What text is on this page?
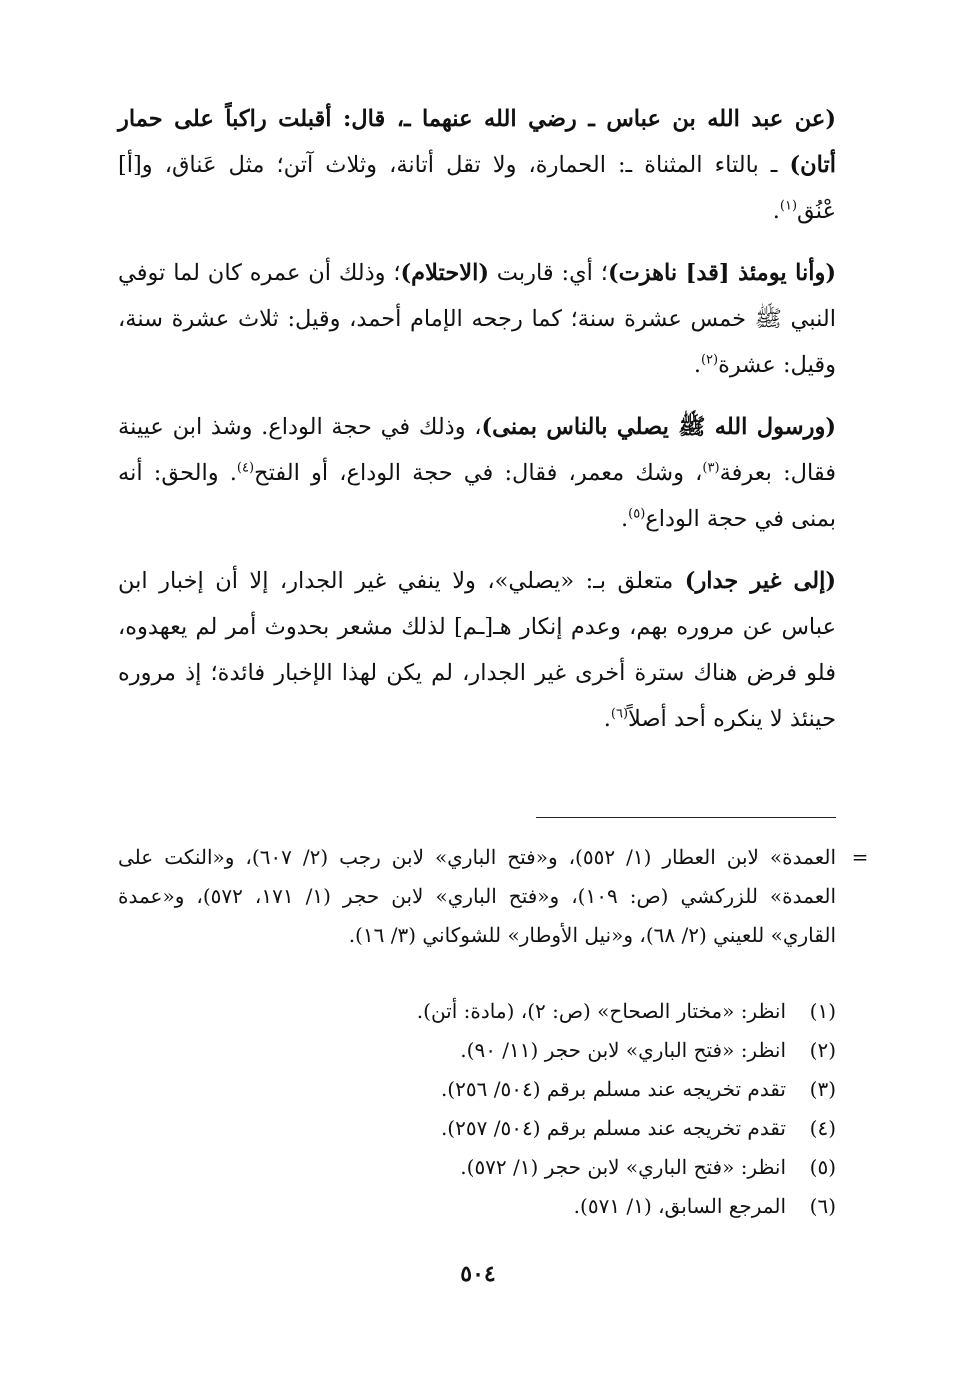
(عن عبد الله بن عباس ـ رضي الله عنهما ـ، قال: أقبلت راكباً على حمار أتان) ـ بالتاء المثناة ـ: الحمارة، ولا تقل أتانة، وثلاث آتن؛ مثل عَناق، و[أ] عْنُق$^{(١)}$.

(وأنا يومئذ [قد] ناهزت)؛ أي: قاربت (الاحتلام)؛ وذلك أن عمره كان لما توفي النبي ﷺ خمس عشرة سنة؛ كما رجحه الإمام أحمد، وقيل: ثلاث عشرة سنة، وقيل: عشرة$^{(٢)}$.

(ورسول الله ﷺ يصلي بالناس بمنى)، وذلك في حجة الوداع. وشذ ابن عيينة فقال: بعرفة$^{(٣)}$، وشك معمر، فقال: في حجة الوداع، أو الفتح$^{(٤)}$. والحق: أنه بمنى في حجة الوداع$^{(٥)}$.

(إلى غير جدار) متعلق بـ: «يصلي»، ولا ينفي غير الجدار، إلا أن إخبار ابن عباس عن مروره بهم، وعدم إنكار هـ[ـم] لذلك مشعر بحدوث أمر لم يعهدوه، فلو فرض هناك سترة أخرى غير الجدار، لم يكن لهذا الإخبار فائدة؛ إذ مروره حينئذ لا ينكره أحد أصلاً$^{(٦)}$.

=
العمدة» لابن العطار (١/ ٥٥٢)، و«فتح الباري» لابن رجب (٢/ ٦٠٧)، و«النكت على العمدة» للزركشي (ص: ١٠٩)، و«فتح الباري» لابن حجر (١/ ١٧١، ٥٧٢)، و«عمدة القاري» للعيني (٢/ ٦٨)، و«نيل الأوطار» للشوكاني (٣/ ١٦).
(١)
انظر: «مختار الصحاح» (ص: ٢)، (مادة: أتن).
(٢)
انظر: «فتح الباري» لابن حجر (١١/ ٩٠).
(٣)
تقدم تخريجه عند مسلم برقم (٥٠٤/ ٢٥٦).
(٤)
تقدم تخريجه عند مسلم برقم (٥٠٤/ ٢٥٧).
(٥)
انظر: «فتح الباري» لابن حجر (١/ ٥٧٢).
(٦)
المرجع السابق، (١/ ٥٧١).
٥٠٤
